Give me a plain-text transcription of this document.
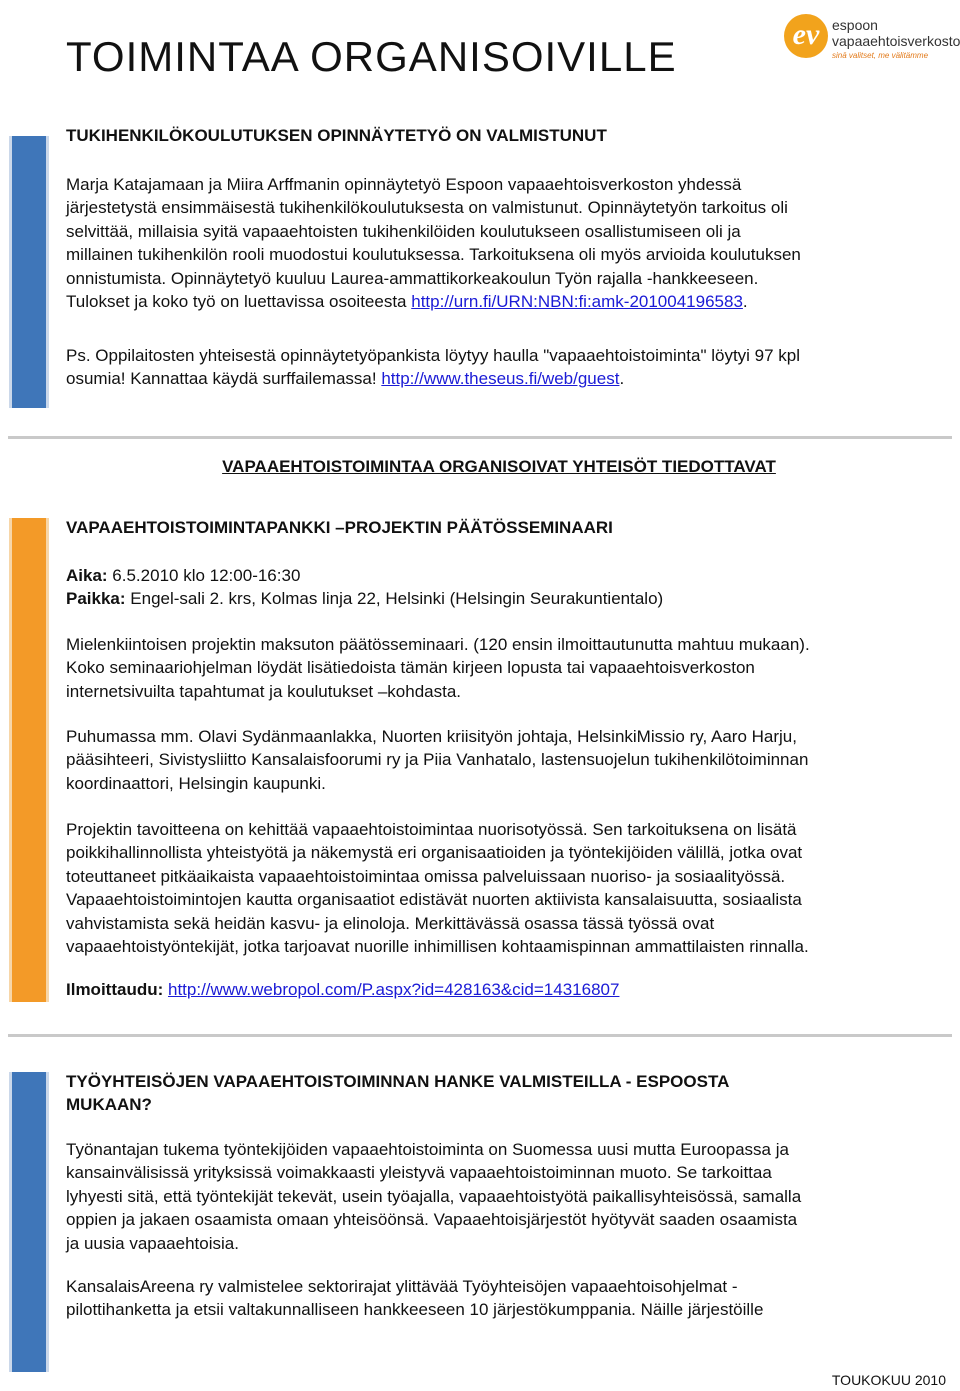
TOIMINTAA ORGANISOIVILLE	ev espoon
vapaaehtoisverkosto
sinä valitset, me välitämme
TUKIHENKILÖKOULUTUKSEN OPINNÄYTETYÖ ON VALMISTUNUT
Marja Katajamaan ja Miira Arffmanin opinnäytetyö Espoon vapaaehtoisverkoston yhdessä
järjestetystä ensimmäisestä tukihenkilökoulutuksesta on valmistunut. Opinnäytetyön tarkoitus oli
selvittää, millaisia syitä vapaaehtoisten tukihenkilöiden koulutukseen osallistumiseen oli ja
millainen tukihenkilön rooli muodostui koulutuksessa. Tarkoituksena oli myös arvioida koulutuksen
onnistumista. Opinnäytetyö kuuluu Laurea-ammattikorkeakoulun Työn rajalla -hankkeeseen.
Tulokset ja koko työ on luettavissa osoiteesta http://urn.fi/URN:NBN:fi:amk-201004196583.
Ps. Oppilaitosten yhteisestä opinnäytetyöpankista löytyy haulla "vapaaehtoistoiminta" löytyi 97 kpl
osumia! Kannattaa käydä surffailemassa! http://www.theseus.fi/web/guest.
VAPAAEHTOISTOIMINTAA ORGANISOIVAT YHTEISÖT TIEDOTTAVAT
VAPAAEHTOISTOIMINTAPANKKI –PROJEKTIN PÄÄTÖSSEMINAARI
Aika: 6.5.2010 klo 12:00-16:30
Paikka: Engel-sali 2. krs, Kolmas linja 22, Helsinki (Helsingin Seurakuntientalo)
Mielenkiintoisen projektin maksuton päätösseminaari. (120 ensin ilmoittautunutta mahtuu mukaan).
Koko seminaariohjelman löydät lisätiedoista tämän kirjeen lopusta tai vapaaehtoisverkoston
internetsivuilta tapahtumat ja koulutukset –kohdasta.
Puhumassa mm. Olavi Sydänmaanlakka, Nuorten kriisityön johtaja, HelsinkiMissio ry, Aaro Harju,
pääsihteeri, Sivistysliitto Kansalaisfoorumi ry ja Piia Vanhatalo, lastensuojelun tukihenkilötoiminnan
koordinaattori, Helsingin kaupunki.
Projektin tavoitteena on kehittää vapaaehtoistoimintaa nuorisotyössä. Sen tarkoituksena on lisätä
poikkihallinnollista yhteistyötä ja näkemystä eri organisaatioiden ja työntekijöiden välillä, jotka ovat
toteuttaneet pitkäaikaista vapaaehtoistoimintaa omissa palveluissaan nuoriso- ja sosiaalityössä.
Vapaaehtoistoimintojen kautta organisaatiot edistävät nuorten aktiivista kansalaisuutta, sosiaalista
vahvistamista sekä heidän kasvu- ja elinoloja. Merkittävässä osassa tässä työssä ovat
vapaaehtoistyöntekijät, jotka tarjoavat nuorille inhimillisen kohtaamispinnan ammattilaisten rinnalla.
Ilmoittaudu: http://www.webropol.com/P.aspx?id=428163&cid=14316807
TYÖYHTEISÖJEN VAPAAEHTOISTOIMINNAN HANKE VALMISTEILLA - ESPOOSTA
MUKAAN?
Työnantajan tukema työntekijöiden vapaaehtoistoiminta on Suomessa uusi mutta Euroopassa ja
kansainvälisissä yrityksissä voimakkaasti yleistyvä vapaaehtoistoiminnan muoto. Se tarkoittaa
lyhyesti sitä, että työntekijät tekevät, usein työajalla, vapaaehtoistyötä paikallisyhteisössä, samalla
oppien ja jakaen osaamista omaan yhteisöönsä. Vapaaehtoisjärjestöt hyötyvät saaden osaamista
ja uusia vapaaehtoisia.
KansalaisAreena ry valmistelee sektorirajat ylittävää Työyhteisöjen vapaaehtoisohjelmat -
pilottihanketta ja etsii valtakunnalliseen hankkeeseen 10 järjestökumppania. Näille järjestöille
TOUKOKUU 2010
